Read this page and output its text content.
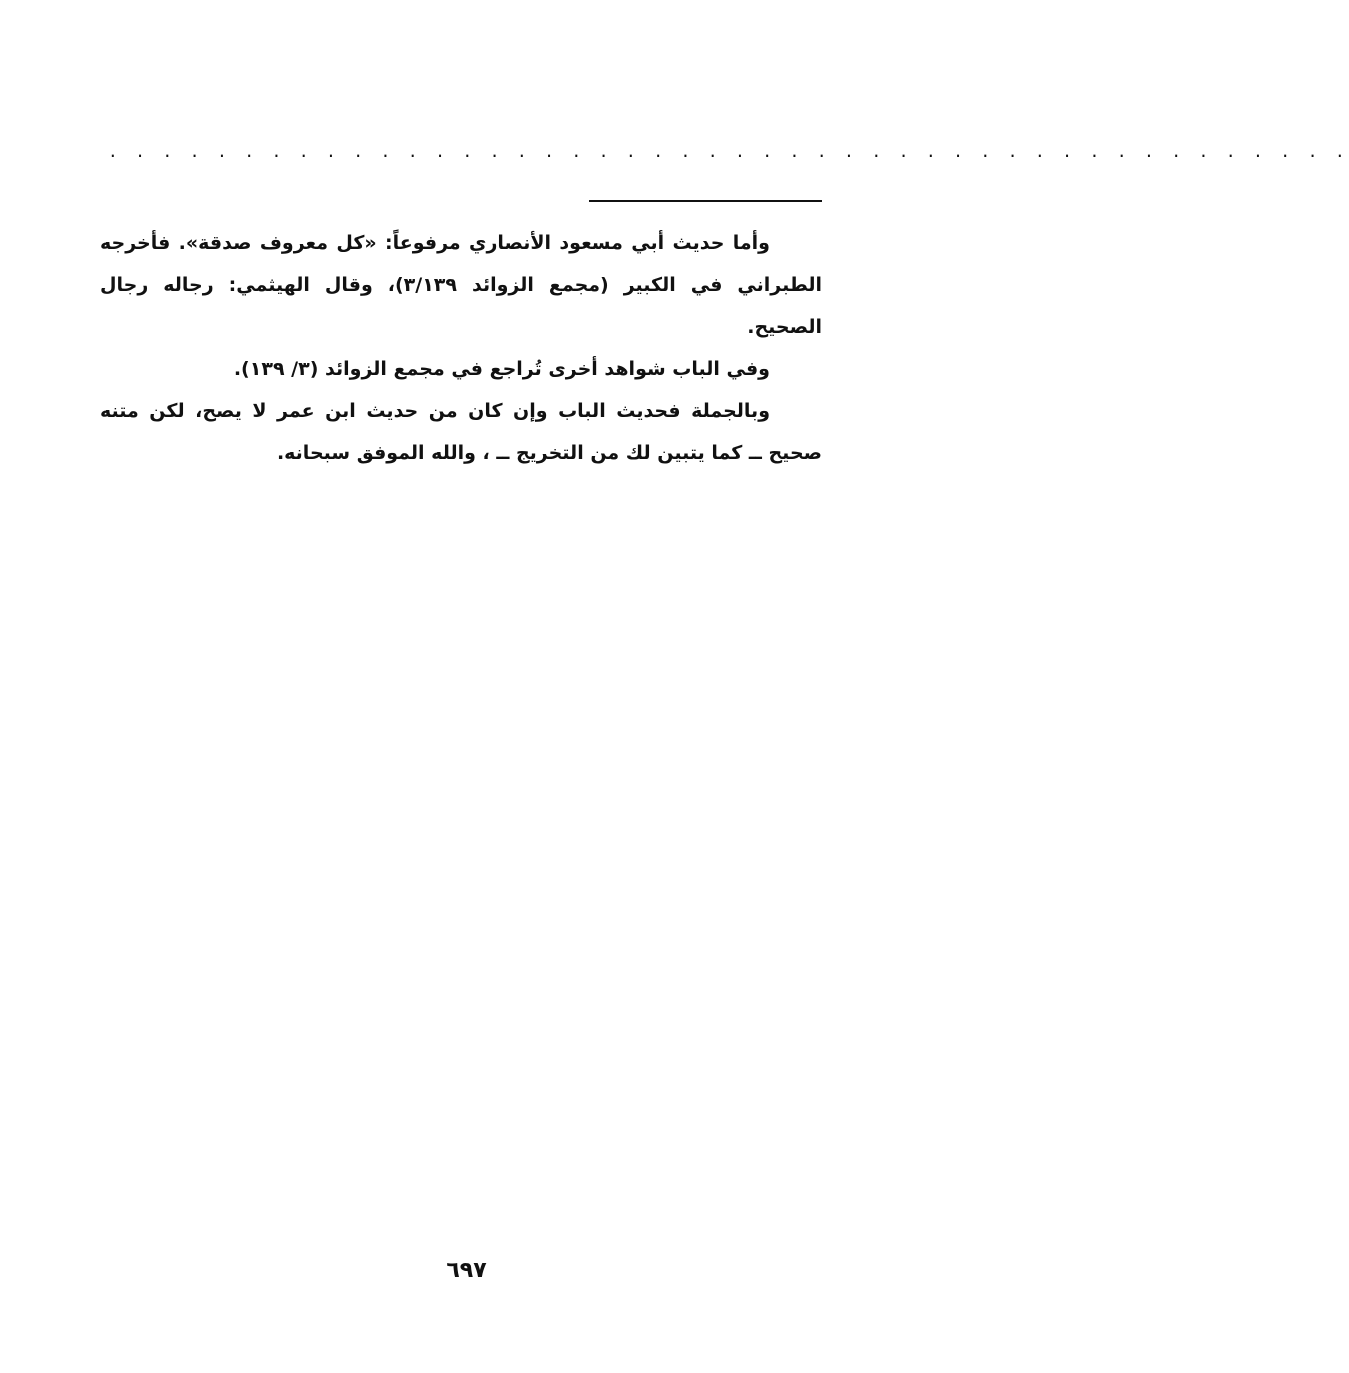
. . . . . . . . . . . . . . . . . . . . . . . . . . . . . . . . . . . . . . . . . . . . . .

وأما حديث أبي مسعود الأنصاري مرفوعاً: «كل معروف صدقة». فأخرجه الطبراني في الكبير (مجمع الزوائد ٣/١٣٩)، وقال الهيثمي: رجاله رجال الصحيح.

وفي الباب شواهد أخرى تُراجع في مجمع الزوائد (٣/ ١٣٩).

وبالجملة فحديث الباب وإن كان من حديث ابن عمر لا يصح، لكن متنه صحيح ــ كما يتبين لك من التخريج ــ ، والله الموفق سبحانه.

٦٩٧
